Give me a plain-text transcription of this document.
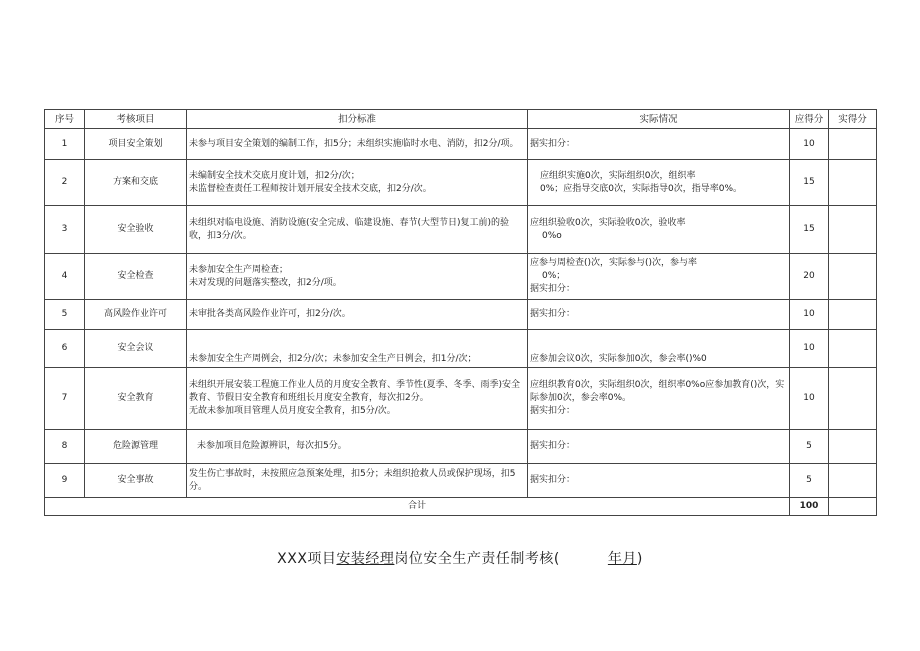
序号	考核项目	扣分标准	实际情况	应得分	实得分
1	项目安全策划	未参与项目安全策划的编制工作，扣5分；未组织实施临时水电、消防，扣2分/项。	据实扣分：	10	
2	方案和交底	未编制安全技术交底月度计划，扣2分/次；
未监督检查责任工程师按计划开展安全技术交底，扣2分/次。	应组织实施0次，实际组织0次，组织率
0%；应指导交底0次，实际指导0次，指导率0%。	15	
3	安全验收	未组织对临电设施、消防设施(安全完成、临建设施、春节(大型节日)复工前)的验收，扣3分/次。	应组织验收0次，实际验收0次，验收率
0%o	15	
4	安全检查	未参加安全生产周检查；
未对发现的问题落实整改，扣2分/项。	应参与周检查()次，实际参与()次，参与率
0%；
据实扣分：	20	
5	高风险作业许可	未审批各类高风险作业许可，扣2分/次。	据实扣分：	10	
6	安全会议	未参加安全生产周例会，扣2分/次；未参加安全生产日例会，扣1分/次；	应参加会议0次，实际参加0次，参会率()%0	10	
7	安全教育	未组织开展安装工程施工作业人员的月度安全教育、季节性(夏季、冬季、雨季)安全教育、节假日安全教育和班组长月度安全教育，每次扣2分。
无故未参加项目管理人员月度安全教育，扣5分/次。	应组织教育0次，实际组织0次，组织率0%o应参加教育()次，实际参加0次，参会率0%。
据实扣分：	10	
8	危险源管理	未参加项目危险源辨识，每次扣5分。	据实扣分：	5	
9	安全事故	发生伤亡事故时，未按照应急预案处理，扣5分；未组织抢救人员或保护现场，扣5分。	据实扣分：	5	
合计				100	
XXX项目安装经理岗位安全生产责任制考核(	年月)
